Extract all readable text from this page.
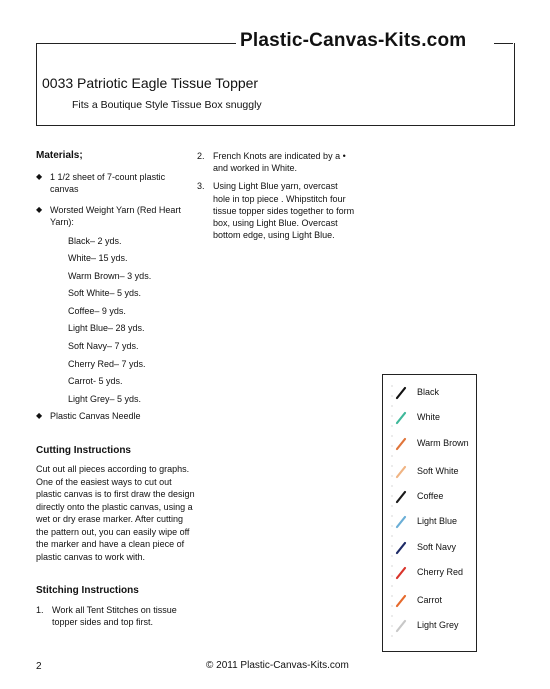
Plastic-Canvas-Kits.com
0033 Patriotic Eagle Tissue Topper
Fits a Boutique Style Tissue Box snuggly

Materials;

◆ 1 1/2 sheet of 7-count plastic canvas

◆ Worsted Weight Yarn (Red Heart Yarn):

Black– 2 yds.
White– 15 yds.
Warm Brown– 3 yds.
Soft White– 5 yds.
Coffee– 9 yds.
Light Blue– 28 yds.
Soft Navy– 7 yds.
Cherry Red– 7 yds.
Carrot- 5 yds.
Light Grey– 5 yds.

◆ Plastic Canvas Needle

Cutting Instructions

Cut out all pieces according to graphs. One of the easiest ways to cut out plastic canvas is to first draw the design directly onto the plastic canvas, using a wet or dry erase marker. After cutting the pattern out, you can easily wipe off the marker and have a clean piece of plastic canvas to work with.

Stitching Instructions

1. Work all Tent Stitches on tissue topper sides and top first.

2. French Knots are indicated by a • and worked in White.

3. Using Light Blue yarn, overcast hole in top piece . Whipstitch four tissue topper sides together to form box, using Light Blue. Overcast bottom edge, using Light Blue.

Black
White
Warm Brown
Soft White
Coffee
Light Blue
Soft Navy
Cherry Red
Carrot
Light Grey
2	© 2011 Plastic-Canvas-Kits.com
